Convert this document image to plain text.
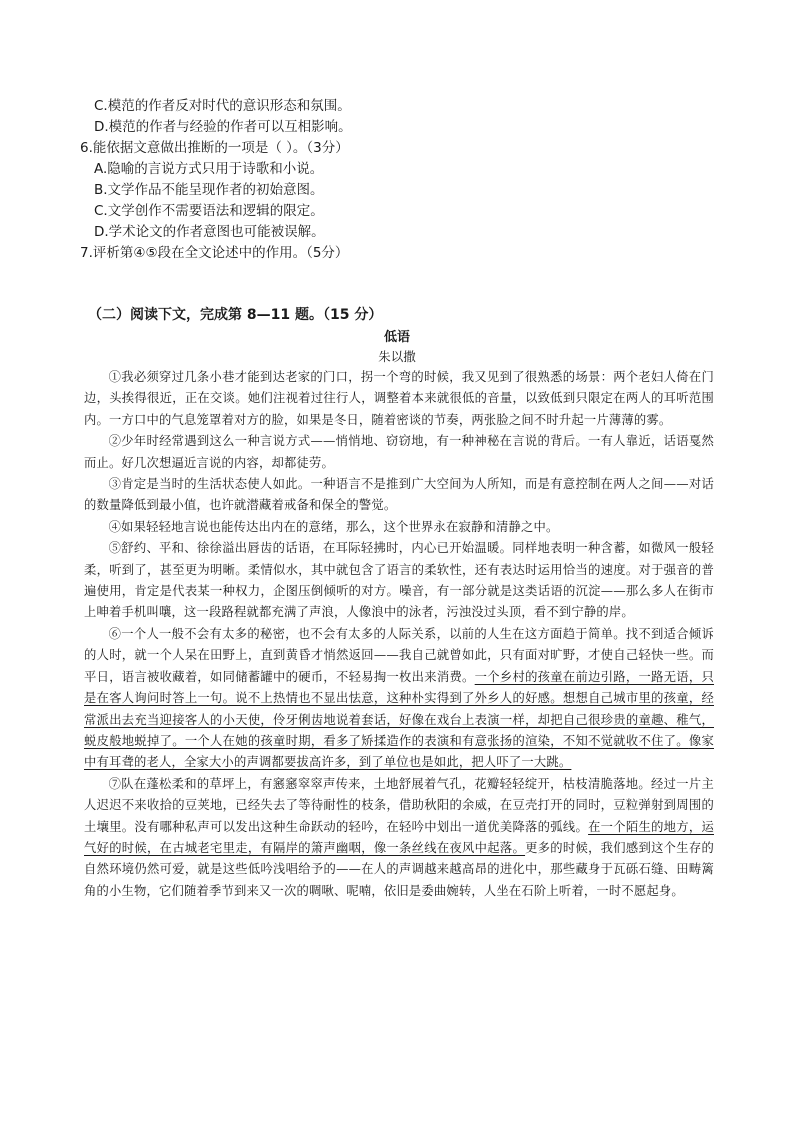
C.模范的作者反对时代的意识形态和氛围。
D.模范的作者与经验的作者可以互相影响。
6.能依据文意做出推断的一项是（ ）。（3分）
A.隐喻的言说方式只用于诗歌和小说。
B.文学作品不能呈现作者的初始意图。
C.文学创作不需要语法和逻辑的限定。
D.学术论文的作者意图也可能被误解。
7.评析第④⑤段在全文论述中的作用。（5分）
（二）阅读下文，完成第 8—11 题。（15 分）
低语
朱以撒

①我必须穿过几条小巷才能到达老家的门口，拐一个弯的时候，我又见到了很熟悉的场景：两个老妇人倚在门边，头挨得很近，正在交谈。她们注视着过往行人，调整着本来就很低的音量，以致低到只限定在两人的耳听范围内。一方口中的气息笼罩着对方的脸，如果是冬日，随着密谈的节奏，两张脸之间不时升起一片薄薄的雾。

②少年时经常遇到这么一种言说方式——悄悄地、窃窃地，有一种神秘在言说的背后。一有人靠近，话语戛然而止。好几次想逼近言说的内容，却都徒劳。

③肯定是当时的生活状态使人如此。一种语言不是推到广大空间为人所知，而是有意控制在两人之间——对话的数量降低到最小值，也许就潜藏着戒备和保全的警觉。

④如果轻轻地言说也能传达出内在的意绪，那么，这个世界永在寂静和清静之中。

⑤舒约、平和、徐徐溢出唇齿的话语，在耳际轻拂时，内心已开始温暖。同样地表明一种含蓄，如微风一般轻柔，听到了，甚至更为明晰。柔情似水，其中就包含了语言的柔软性，还有表达时运用恰当的速度。对于强音的普遍使用，肯定是代表某一种权力，企图压倒倾听的对方。噪音，有一部分就是这类话语的沉淀——那么多人在街市上呻着手机叫嚷，这一段路程就都充满了声浪，人像浪中的泳者，污浊没过头顶，看不到宁静的岸。

⑥一个人一般不会有太多的秘密，也不会有太多的人际关系，以前的人生在这方面趋于简单。找不到适合倾诉的人时，就一个人呆在田野上，直到黄昏才悄然返回——我自己就曾如此，只有面对旷野，才使自己轻快一些。而平日，语言被收藏着，如同储蓄罐中的硬币，不轻易掏一枚出来消费。一个乡村的孩童在前边引路，一路无语，只是在客人询问时答上一句。说不上热情也不显出怯意，这种朴实得到了外乡人的好感。想想自己城市里的孩童，经常派出去充当迎接客人的小天使，伶牙俐齿地说着套话，好像在戏台上表演一样，却把自己很珍贵的童趣、稚气，蜕皮般地蜕掉了。一个人在她的孩童时期，看多了矫揉造作的表演和有意张扬的渲染，不知不觉就收不住了。像家中有耳聋的老人，全家大小的声调都要拔高许多，到了单位也是如此，把人吓了一大跳。

⑦队在蓬松柔和的草坪上，有窸窸窣窣声传来，土地舒展着气孔，花瓣轻轻绽开，枯枝清脆落地。经过一片主人迟迟不来收拾的豆荚地，已经失去了等待耐性的枝条，借助秋阳的余威，在豆壳打开的同时，豆粒弹射到周围的土壤里。没有哪种私声可以发出这种生命跃动的轻吟，在轻吟中划出一道优美降落的弧线。在一个陌生的地方，运气好的时候，在古城老宅里走，有隔岸的箫声幽咽，像一条丝线在夜风中起落。更多的时候，我们感到这个生存的自然环境仍然可爱，就是这些低吟浅唱给予的——在人的声调越来越高昂的进化中，那些藏身于瓦砾石缝、田畴篱角的小生物，它们随着季节到来又一次的啁啾、呢喃，依旧是委曲婉转，人坐在石阶上听着，一时不愿起身。
